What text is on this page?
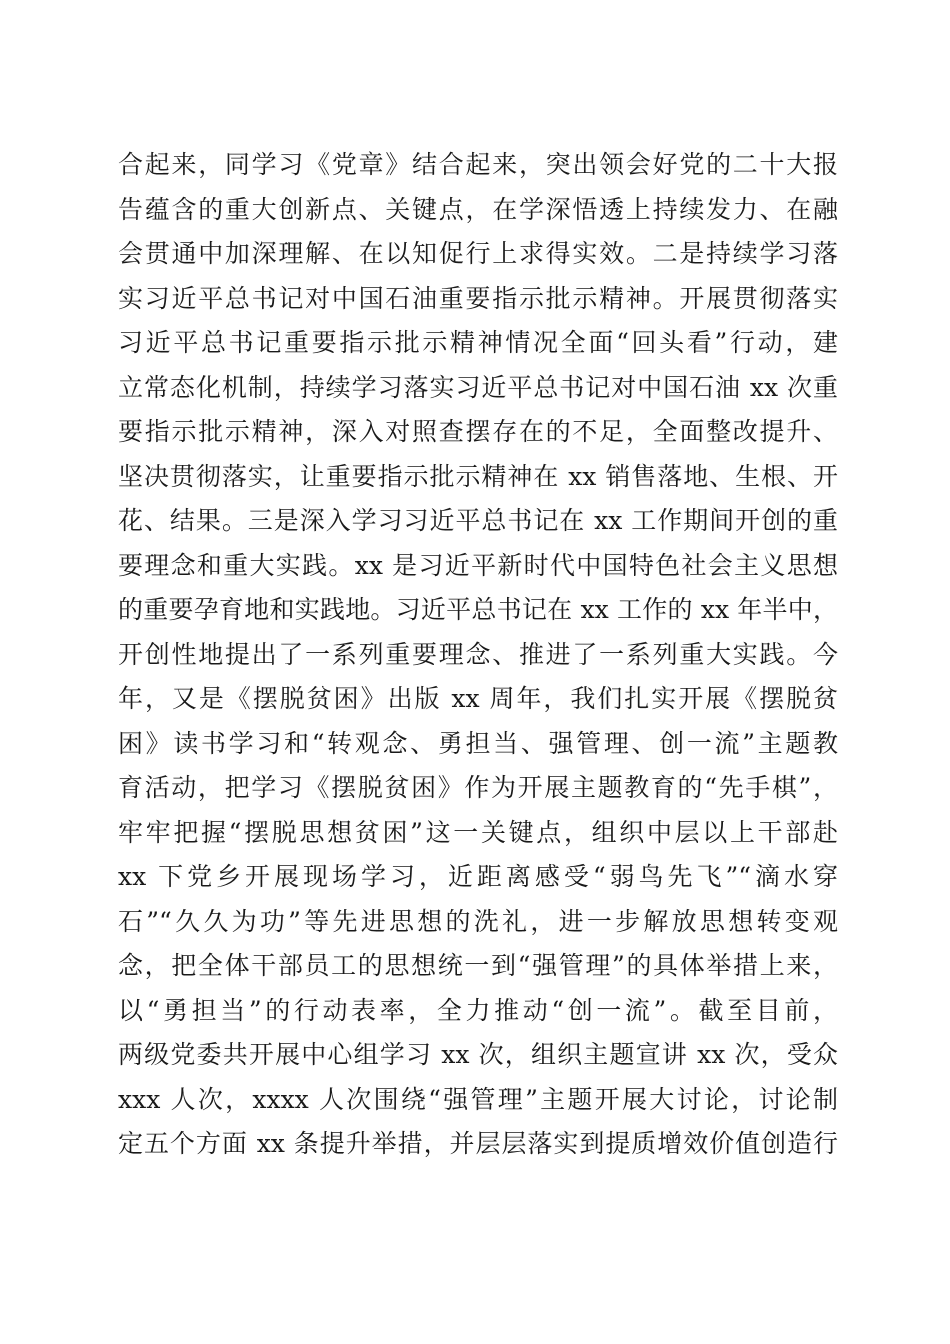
合起来，同学习《党章》结合起来，突出领会好党的二十大报
告蕴含的重大创新点、关键点，在学深悟透上持续发力、在融
会贯通中加深理解、在以知促行上求得实效。二是持续学习落
实习近平总书记对中国石油重要指示批示精神。开展贯彻落实
习近平总书记重要指示批示精神情况全面“回头看”行动，建
立常态化机制，持续学习落实习近平总书记对中国石油 xx 次重
要指示批示精神，深入对照查摆存在的不足，全面整改提升、
坚决贯彻落实，让重要指示批示精神在 xx 销售落地、生根、开
花、结果。三是深入学习习近平总书记在 xx 工作期间开创的重
要理念和重大实践。xx 是习近平新时代中国特色社会主义思想
的重要孕育地和实践地。习近平总书记在 xx 工作的 xx 年半中，
开创性地提出了一系列重要理念、推进了一系列重大实践。今
年，又是《摆脱贫困》出版 xx 周年，我们扎实开展《摆脱贫
困》读书学习和“转观念、勇担当、强管理、创一流”主题教
育活动，把学习《摆脱贫困》作为开展主题教育的“先手棋”，
牢牢把握“摆脱思想贫困”这一关键点，组织中层以上干部赴
xx 下党乡开展现场学习，近距离感受“弱鸟先飞”“滴水穿
石”“久久为功”等先进思想的洗礼，进一步解放思想转变观
念，把全体干部员工的思想统一到“强管理”的具体举措上来，
以“勇担当”的行动表率，全力推动“创一流”。截至目前，
两级党委共开展中心组学习 xx 次，组织主题宣讲 xx 次，受众
xxx 人次，xxxx 人次围绕“强管理”主题开展大讨论，讨论制
定五个方面 xx 条提升举措，并层层落实到提质增效价值创造行
